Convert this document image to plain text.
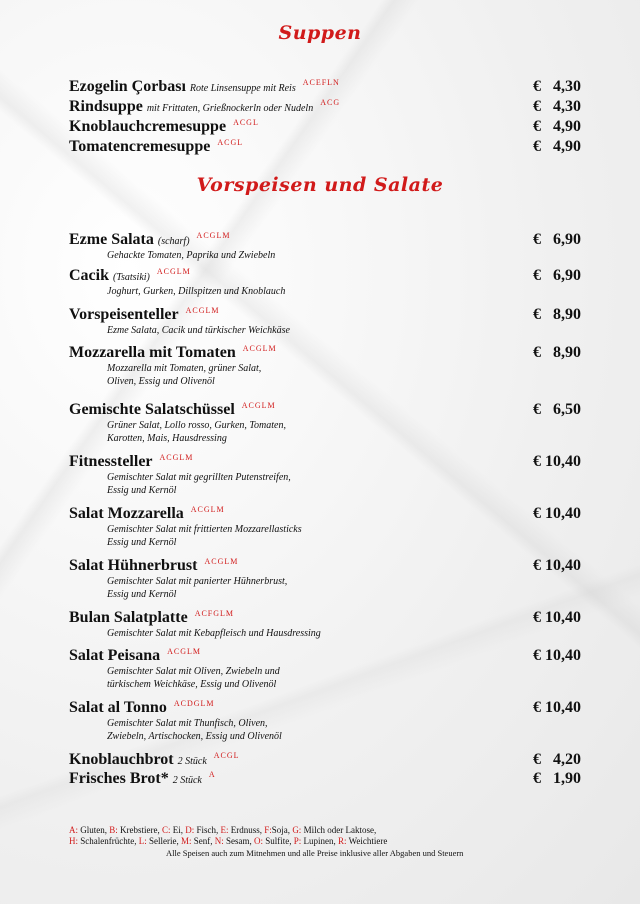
Suppen
Ezogelin Çorbası Rote Linsensuppe mit Reis $^{ACEFLN}$	€   4,30
Rindsuppe mit Frittaten, Grießnockerln oder Nudeln $^{ACG}$	€   4,30
Knoblauchcremesuppe $^{ACGL}$	€   4,90
Tomatencremesuppe $^{ACGL}$	€   4,90
Vorspeisen und Salate
Ezme Salata (scharf) $^{ACGLM}$	€   6,90
Gehackte Tomaten, Paprika und Zwiebeln
Cacik (Tsatsiki) $^{ACGLM}$	€   6,90
Joghurt, Gurken, Dillspitzen und Knoblauch
Vorspeisenteller $^{ACGLM}$	€   8,90
Ezme Salata, Cacik und türkischer Weichkäse
Mozzarella mit Tomaten $^{ACGLM}$	€   8,90
Mozzarella mit Tomaten, grüner Salat,
Oliven, Essig und Olivenöl
Gemischte Salatschüssel $^{ACGLM}$	€   6,50
Grüner Salat, Lollo rosso, Gurken, Tomaten,
Karotten, Mais, Hausdressing
Fitnessteller $^{ACGLM}$	€ 10,40
Gemischter Salat mit gegrillten Putenstreifen,
Essig und Kernöl
Salat Mozzarella $^{ACGLM}$	€ 10,40
Gemischter Salat mit frittierten Mozzarellasticks
Essig und Kernöl
Salat Hühnerbrust $^{ACGLM}$	€ 10,40
Gemischter Salat mit panierter Hühnerbrust,
Essig und Kernöl
Bulan Salatplatte $^{ACFGLM}$	€ 10,40
Gemischter Salat mit Kebapfleisch und Hausdressing
Salat Peisana $^{ACGLM}$	€ 10,40
Gemischter Salat mit Oliven, Zwiebeln und
türkischem Weichkäse, Essig und Olivenöl
Salat al Tonno $^{ACDGLM}$	€ 10,40
Gemischter Salat mit Thunfisch, Oliven,
Zwiebeln, Artischocken, Essig und Olivenöl
Knoblauchbrot 2 Stück $^{ACGL}$	€   4,20
Frisches Brot* 2 Stück $^A$	€   1,90
A: Gluten, B: Krebstiere, C: Ei, D: Fisch, E: Erdnuss, F:Soja, G: Milch oder Laktose,
H: Schalenfrüchte, L: Sellerie, M: Senf, N: Sesam, O: Sulfite, P: Lupinen, R: Weichtiere
Alle Speisen auch zum Mitnehmen und alle Preise inklusive aller Abgaben und Steuern
